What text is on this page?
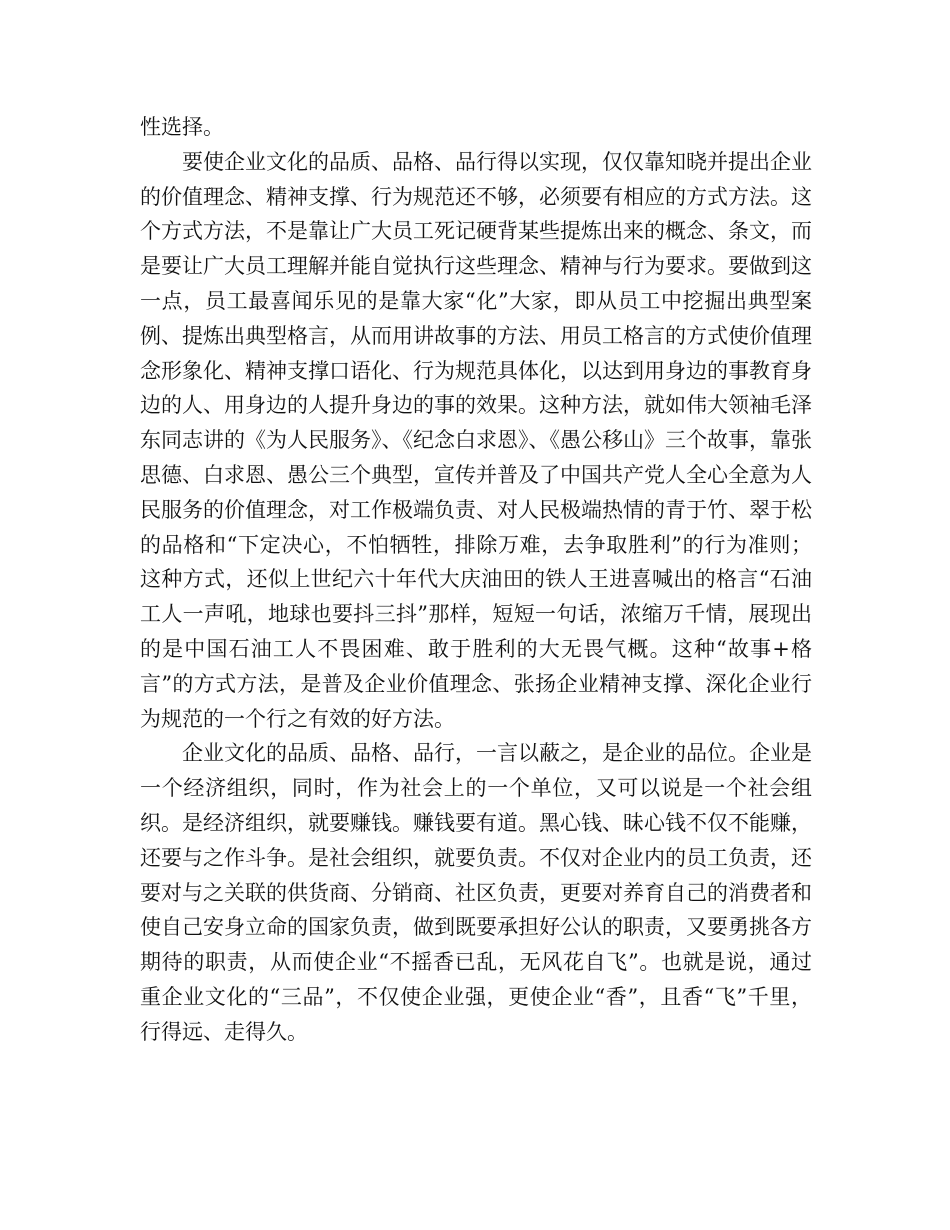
性选择。

要使企业文化的品质、品格、品行得以实现，仅仅靠知晓并提出企业的价值理念、精神支撑、行为规范还不够，必须要有相应的方式方法。这个方式方法，不是靠让广大员工死记硬背某些提炼出来的概念、条文，而是要让广大员工理解并能自觉执行这些理念、精神与行为要求。要做到这一点，员工最喜闻乐见的是靠大家“化”大家，即从员工中挖掘出典型案例、提炼出典型格言，从而用讲故事的方法、用员工格言的方式使价值理念形象化、精神支撑口语化、行为规范具体化，以达到用身边的事教育身边的人、用身边的人提升身边的事的效果。这种方法，就如伟大领袖毛泽东同志讲的《为人民服务》、《纪念白求恩》、《愚公移山》三个故事，靠张思德、白求恩、愚公三个典型，宣传并普及了中国共产党人全心全意为人民服务的价值理念，对工作极端负责、对人民极端热情的青于竹、翠于松的品格和“下定决心，不怕牺牲，排除万难，去争取胜利”的行为准则；这种方式，还似上世纪六十年代大庆油田的铁人王进喜喊出的格言“石油工人一声吼，地球也要抖三抖”那样，短短一句话，浓缩万千情，展现出的是中国石油工人不畏困难、敢于胜利的大无畏气概。这种“故事+格言”的方式方法，是普及企业价值理念、张扬企业精神支撑、深化企业行为规范的一个行之有效的好方法。

企业文化的品质、品格、品行，一言以蔽之，是企业的品位。企业是一个经济组织，同时，作为社会上的一个单位，又可以说是一个社会组织。是经济组织，就要赚钱。赚钱要有道。黑心钱、昧心钱不仅不能赚，还要与之作斗争。是社会组织，就要负责。不仅对企业内的员工负责，还要对与之关联的供货商、分销商、社区负责，更要对养育自己的消费者和使自己安身立命的国家负责，做到既要承担好公认的职责，又要勇挑各方期待的职责，从而使企业“不摇香已乱，无风花自飞”。也就是说，通过重企业文化的“三品”，不仅使企业强，更使企业“香”，且香“飞”千里，行得远、走得久。
